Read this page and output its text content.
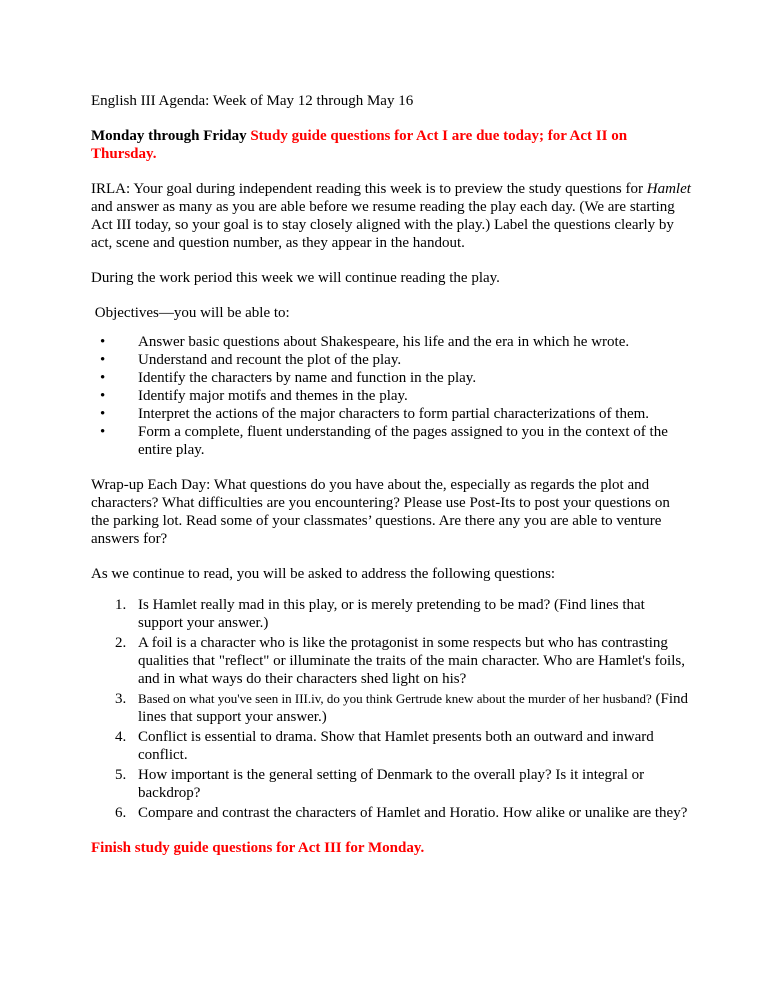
English III Agenda: Week of May 12 through May 16

Monday through Friday Study guide questions for Act I are due today; for Act II on Thursday.

IRLA: Your goal during independent reading this week is to preview the study questions for Hamlet and answer as many as you are able before we resume reading the play each day. (We are starting Act III today, so your goal is to stay closely aligned with the play.) Label the questions clearly by act, scene and question number, as they appear in the handout.

During the work period this week we will continue reading the play.

Objectives—you will be able to:

• Answer basic questions about Shakespeare, his life and the era in which he wrote.
• Understand and recount the plot of the play.
• Identify the characters by name and function in the play.
• Identify major motifs and themes in the play.
• Interpret the actions of the major characters to form partial characterizations of them.
• Form a complete, fluent understanding of the pages assigned to you in the context of the entire play.

Wrap-up Each Day: What questions do you have about the, especially as regards the plot and characters? What difficulties are you encountering? Please use Post-Its to post your questions on the parking lot. Read some of your classmates’ questions. Are there any you are able to venture answers for?

As we continue to read, you will be asked to address the following questions:

1. Is Hamlet really mad in this play, or is merely pretending to be mad? (Find lines that support your answer.)
2. A foil is a character who is like the protagonist in some respects but who has contrasting qualities that "reflect" or illuminate the traits of the main character. Who are Hamlet's foils, and in what ways do their characters shed light on his?
3. Based on what you've seen in III.iv, do you think Gertrude knew about the murder of her husband? (Find lines that support your answer.)
4. Conflict is essential to drama. Show that Hamlet presents both an outward and inward conflict.
5. How important is the general setting of Denmark to the overall play? Is it integral or backdrop?
6. Compare and contrast the characters of Hamlet and Horatio. How alike or unalike are they?

Finish study guide questions for Act III for Monday.
